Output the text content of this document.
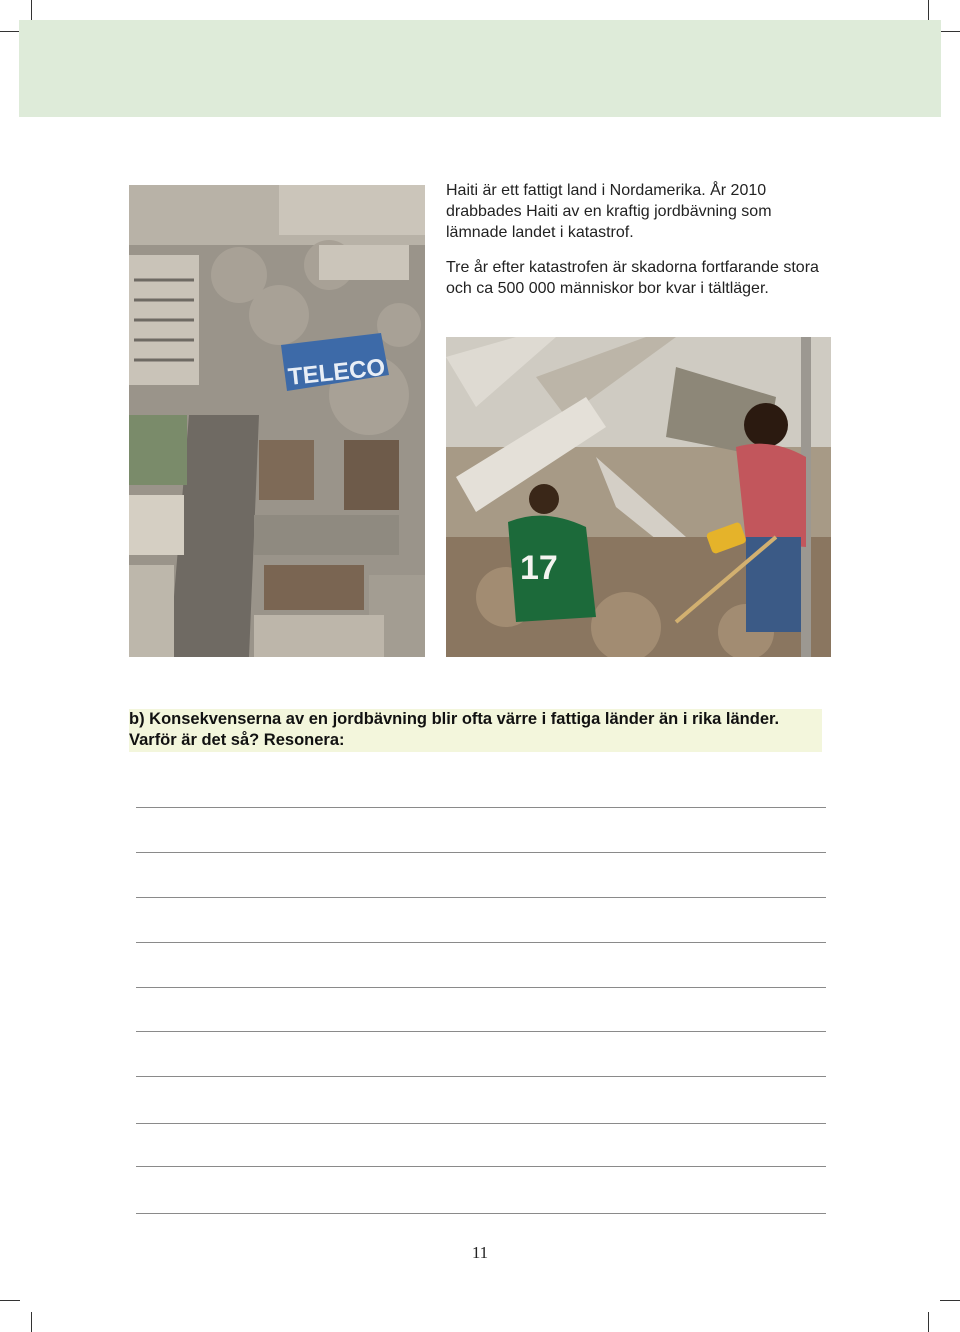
TELECO

Haiti är ett fattigt land i Nordamerika. År 2010 drabbades Haiti av en kraftig jordbävning som lämnade landet i katastrof.

Tre år efter katastrofen är skadorna fortfarande stora och ca 500 000 människor bor kvar i tältläger.

17
b) Konsekvenserna av en jordbävning blir ofta värre i fattiga länder än i rika länder.
Varför är det så? Resonera:
11
